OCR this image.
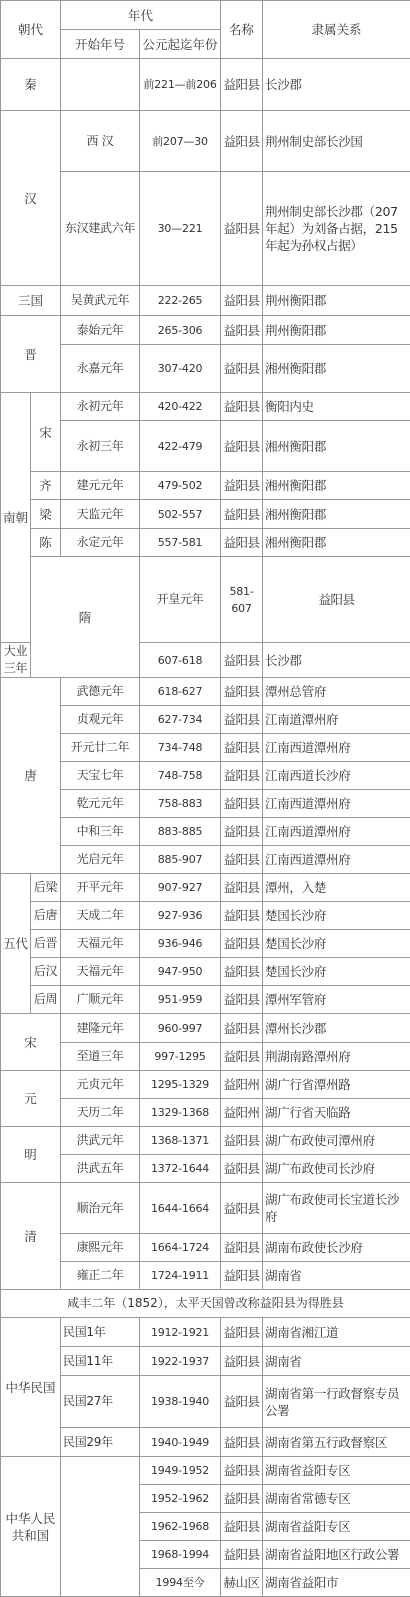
朝代		年代		名称	隶属关系	
		开始年号	公元起迄年份			
秦			前221—前206	益阳县	长沙郡	
汉		西 汉	前207—30	益阳县	荆州制史部长沙国	
		东汉建武六年	30—221	益阳县	荆州制史部长沙郡（207年起）为刘备占据，215 年起为孙权占据）	
三国		吴黄武元年	222-265	益阳县	荆州衡阳郡	
晋		泰始元年	265-306	益阳县	荆州衡阳郡	
		永嘉元年	307-420	益阳县	湘州衡阳郡	
南朝	宋	永初元年	420-422	益阳县	衡阳内史	
		永初三年	422-479	益阳县	湘州衡阳郡	
	齐	建元元年	479-502	益阳县	湘州衡阳郡	
	梁	天监元年	502-557	益阳县	湘州衡阳郡	
	陈	永定元年	557-581	益阳县	湘州衡阳郡	
	隋		开皇元年	581-607	益阳县	
大业三年			607-618	益阳县	长沙郡	
唐		武德元年	618-627	益阳县	潭州总管府	
		贞观元年	627-734	益阳县	江南道潭州府	
		开元廿二年	734-748	益阳县	江南西道潭州府	
		天宝七年	748-758	益阳县	江南西道长沙府	
		乾元元年	758-883	益阳县	江南西道潭州府	
		中和三年	883-885	益阳县	江南西道潭州府	
		光启元年	885-907	益阳县	江南西道潭州府	
五代	后梁	开平元年	907-927	益阳县	潭州，入楚	
	后唐	天成二年	927-936	益阳县	楚国长沙府	
	后晋	天福元年	936-946	益阳县	楚国长沙府	
	后汉	天福元年	947-950	益阳县	楚国长沙府	
	后周	广顺元年	951-959	益阳县	潭州军管府	
宋		建隆元年	960-997	益阳县	潭州长沙郡	
		至道三年	997-1295	益阳县	荆湖南路潭州府	
元		元贞元年	1295-1329	益阳州	湖广行省潭州路	
		天历二年	1329-1368	益阳州	湖广行省天临路	
明		洪武元年	1368-1371	益阳县	湖广布政使司潭州府	
		洪武五年	1372-1644	益阳县	湖广布政使司长沙府	
清		顺治元年	1644-1664	益阳县	湖广布政使司长宝道长沙府	
		康熙元年	1664-1724	益阳县	湖南布政使长沙府	
		雍正二年	1724-1911	益阳县	湖南省	
咸丰二年（1852），太平天国曾改称益阳县为得胜县						
中华民国		民国1年	1912-1921	益阳县	湖南省湘江道	
		民国11年	1922-1937	益阳县	湖南省	
		民国27年	1938-1940	益阳县	湖南省第一行政督察专员公署	
		民国29年	1940-1949	益阳县	湖南省第五行政督察区	
中华人民共和国			1949-1952	益阳县	湖南省益阳专区	
			1952-1962	益阳县	湖南省常德专区	
			1962-1968	益阳县	湖南省益阳专区	
			1968-1994	益阳县	湖南省益阳地区行政公署	
			1994至今	赫山区	湖南省益阳市	
